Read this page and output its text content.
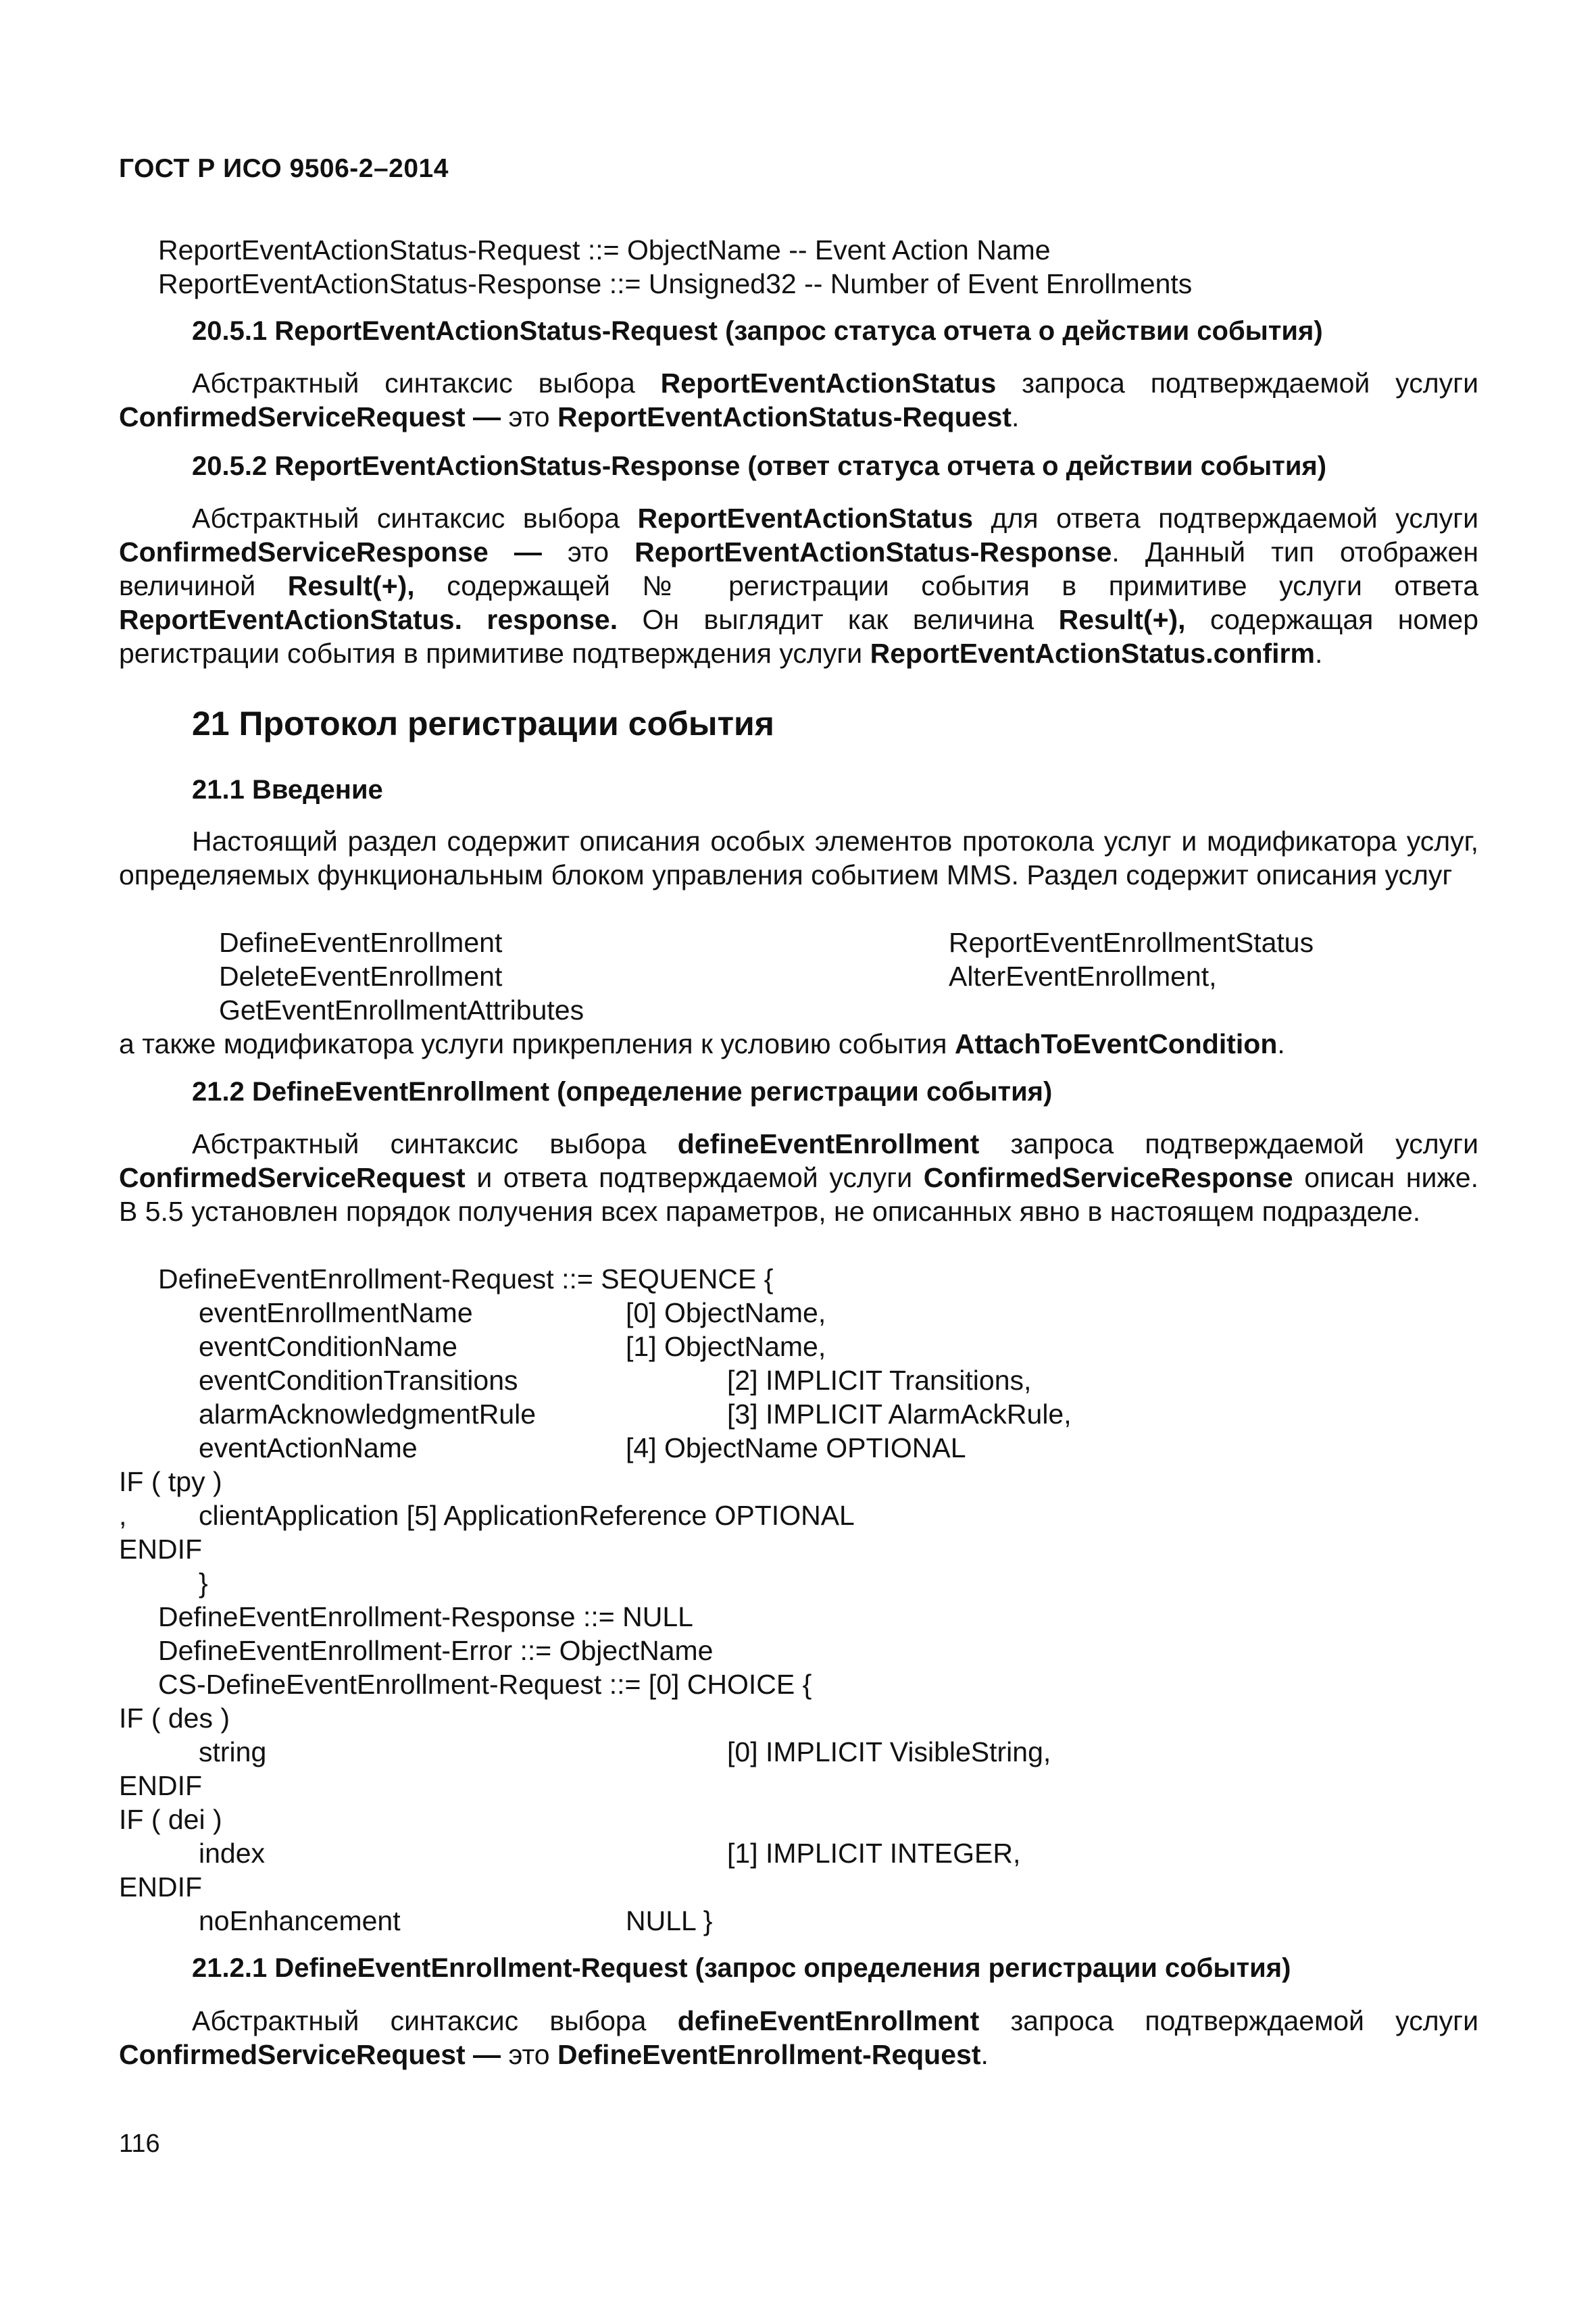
ГОСТ Р ИСО 9506-2–2014
ReportEventActionStatus-Request ::= ObjectName -- Event Action Name
ReportEventActionStatus-Response ::= Unsigned32 -- Number of Event Enrollments
20.5.1 ReportEventActionStatus-Request (запрос статуса отчета о действии события)
Абстрактный синтаксис выбора ReportEventActionStatus запроса подтверждаемой услуги ConfirmedServiceRequest — это ReportEventActionStatus-Request.
20.5.2 ReportEventActionStatus-Response (ответ статуса отчета о действии события)
Абстрактный синтаксис выбора ReportEventActionStatus для ответа подтверждаемой услуги ConfirmedServiceResponse — это ReportEventActionStatus-Response. Данный тип отображен величиной Result(+), содержащей № регистрации события в примитиве услуги ответа ReportEventActionStatus. response. Он выглядит как величина Result(+), содержащая номер регистрации события в примитиве подтверждения услуги ReportEventActionStatus.confirm.
21 Протокол регистрации события
21.1 Введение
Настоящий раздел содержит описания особых элементов протокола услуг и модификатора услуг, определяемых функциональным блоком управления событием MMS. Раздел содержит описания услуг
DefineEventEnrollment	ReportEventEnrollmentStatus
DeleteEventEnrollment	AlterEventEnrollment,
GetEventEnrollmentAttributes
а также модификатора услуги прикрепления к условию события AttachToEventCondition.
21.2 DefineEventEnrollment (определение регистрации события)
Абстрактный синтаксис выбора defineEventEnrollment запроса подтверждаемой услуги ConfirmedServiceRequest и ответа подтверждаемой услуги ConfirmedServiceResponse описан ниже. В 5.5 установлен порядок получения всех параметров, не описанных явно в настоящем подразделе.
DefineEventEnrollment-Request ::= SEQUENCE {
eventEnrollmentName	[0] ObjectName,
eventConditionName	[1] ObjectName,
eventConditionTransitions	[2] IMPLICIT Transitions,
alarmAcknowledgmentRule	[3] IMPLICIT AlarmAckRule,
eventActionName	[4] ObjectName OPTIONAL
IF ( tpy )
,	clientApplication [5] ApplicationReference OPTIONAL
ENDIF
}
DefineEventEnrollment-Response ::= NULL
DefineEventEnrollment-Error ::= ObjectName
CS-DefineEventEnrollment-Request ::= [0] CHOICE {
IF ( des )
string	[0] IMPLICIT VisibleString,
ENDIF
IF ( dei )
index	[1] IMPLICIT INTEGER,
ENDIF
noEnhancement	NULL }
21.2.1 DefineEventEnrollment-Request (запрос определения регистрации события)
Абстрактный синтаксис выбора defineEventEnrollment запроса подтверждаемой услуги ConfirmedServiceRequest — это DefineEventEnrollment-Request.
116
